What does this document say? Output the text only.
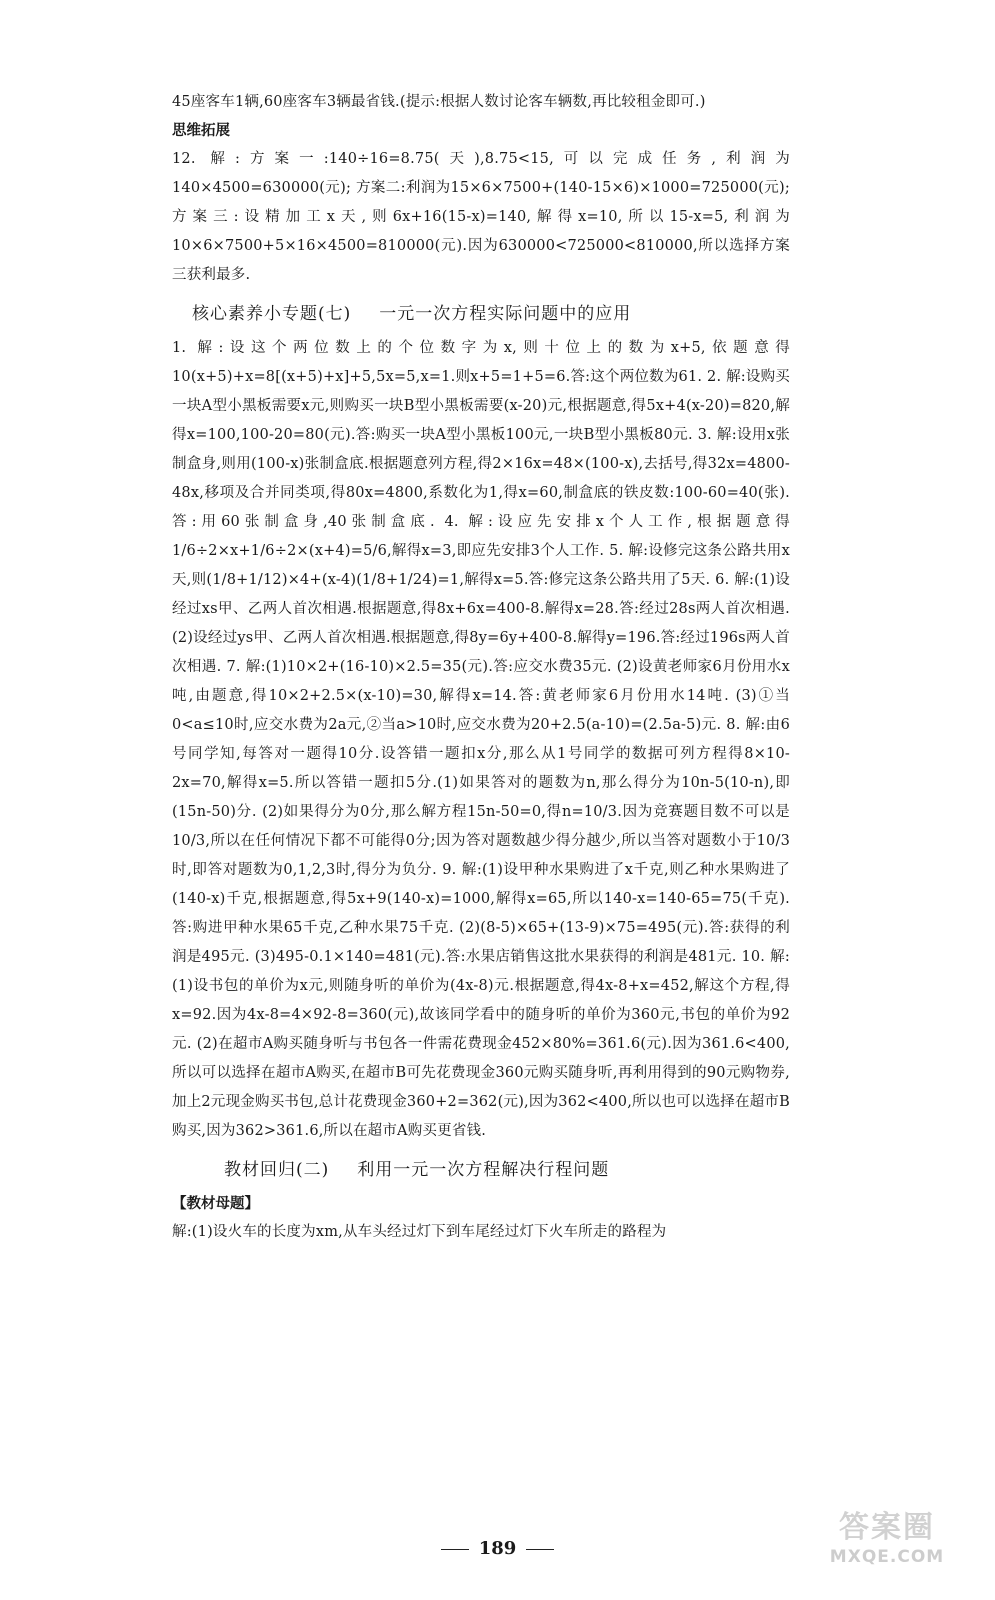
45座客车1辆,60座客车3辆最省钱.(提示:根据人数讨论客车辆数,再比较租金即可.)

思维拓展

12. 解:方案一:140÷16=8.75(天),8.75<15,可以完成任务,利润为140×4500=630000(元); 方案二:利润为15×6×7500+(140-15×6)×1000=725000(元); 方案三:设精加工x天,则6x+16(15-x)=140,解得x=10,所以15-x=5,利润为10×6×7500+5×16×4500=810000(元).因为630000<725000<810000,所以选择方案三获利最多.

核心素养小专题(七) 一元一次方程实际问题中的应用

1. 解:设这个两位数上的个位数字为x,则十位上的数为x+5,依题意得10(x+5)+x=8[(x+5)+x]+5,5x=5,x=1.则x+5=1+5=6.答:这个两位数为61. 2. 解:设购买一块A型小黑板需要x元,则购买一块B型小黑板需要(x-20)元,根据题意,得5x+4(x-20)=820,解得x=100,100-20=80(元).答:购买一块A型小黑板100元,一块B型小黑板80元. 3. 解:设用x张制盒身,则用(100-x)张制盒底.根据题意列方程,得2×16x=48×(100-x),去括号,得32x=4800-48x,移项及合并同类项,得80x=4800,系数化为1,得x=60,制盒底的铁皮数:100-60=40(张).答:用60张制盒身,40张制盒底. 4. 解:设应先安排x个人工作,根据题意得1/6÷2×x+1/6÷2×(x+4)=5/6,解得x=3,即应先安排3个人工作. 5. 解:设修完这条公路共用x天,则(1/8+1/12)×4+(x-4)(1/8+1/24)=1,解得x=5.答:修完这条公路共用了5天. 6. 解:(1)设经过xs甲、乙两人首次相遇.根据题意,得8x+6x=400-8.解得x=28.答:经过28s两人首次相遇. (2)设经过ys甲、乙两人首次相遇.根据题意,得8y=6y+400-8.解得y=196.答:经过196s两人首次相遇. 7. 解:(1)10×2+(16-10)×2.5=35(元).答:应交水费35元. (2)设黄老师家6月份用水x吨,由题意,得10×2+2.5×(x-10)=30,解得x=14.答:黄老师家6月份用水14吨. (3)①当0<a≤10时,应交水费为2a元,②当a>10时,应交水费为20+2.5(a-10)=(2.5a-5)元. 8. 解:由6号同学知,每答对一题得10分.设答错一题扣x分,那么从1号同学的数据可列方程得8×10-2x=70,解得x=5.所以答错一题扣5分.(1)如果答对的题数为n,那么得分为10n-5(10-n),即(15n-50)分. (2)如果得分为0分,那么解方程15n-50=0,得n=10/3.因为竞赛题目数不可以是10/3,所以在任何情况下都不可能得0分;因为答对题数越少得分越少,所以当答对题数小于10/3时,即答对题数为0,1,2,3时,得分为负分. 9. 解:(1)设甲种水果购进了x千克,则乙种水果购进了(140-x)千克,根据题意,得5x+9(140-x)=1000,解得x=65,所以140-x=140-65=75(千克).答:购进甲种水果65千克,乙种水果75千克. (2)(8-5)×65+(13-9)×75=495(元).答:获得的利润是495元. (3)495-0.1×140=481(元).答:水果店销售这批水果获得的利润是481元. 10. 解:(1)设书包的单价为x元,则随身听的单价为(4x-8)元.根据题意,得4x-8+x=452,解这个方程,得x=92.因为4x-8=4×92-8=360(元),故该同学看中的随身听的单价为360元,书包的单价为92元. (2)在超市A购买随身听与书包各一件需花费现金452×80%=361.6(元).因为361.6<400,所以可以选择在超市A购买,在超市B可先花费现金360元购买随身听,再利用得到的90元购物券,加上2元现金购买书包,总计花费现金360+2=362(元),因为362<400,所以也可以选择在超市B购买,因为362>361.6,所以在超市A购买更省钱.

教材回归(二) 利用一元一次方程解决行程问题

【教材母题】

解:(1)设火车的长度为xm,从车头经过灯下到车尾经过灯下火车所走的路程为

189
答案圈
MXQE.COM
